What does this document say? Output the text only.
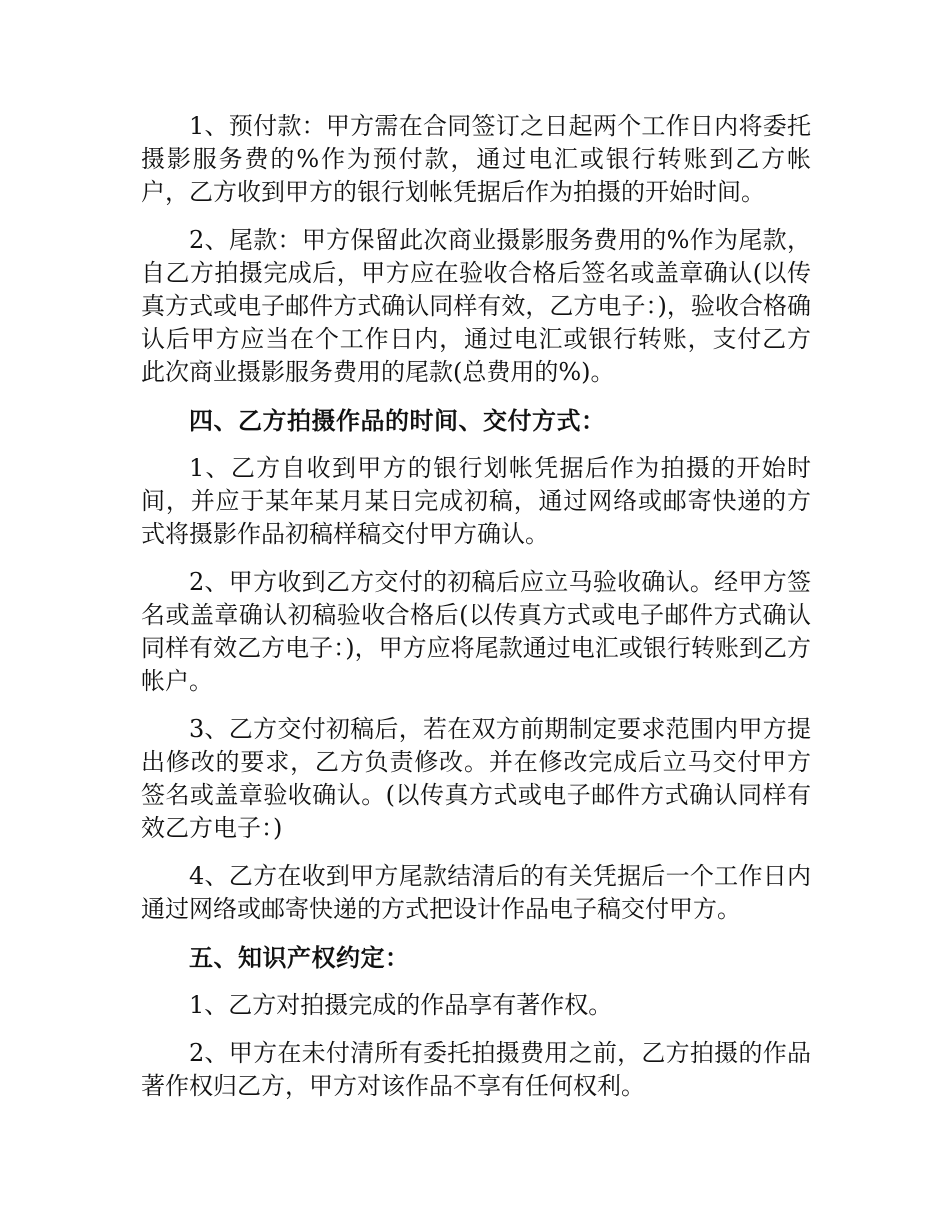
1、预付款：甲方需在合同签订之日起两个工作日内将委托摄影服务费的%作为预付款，通过电汇或银行转账到乙方帐户，乙方收到甲方的银行划帐凭据后作为拍摄的开始时间。

2、尾款：甲方保留此次商业摄影服务费用的%作为尾款，自乙方拍摄完成后，甲方应在验收合格后签名或盖章确认(以传真方式或电子邮件方式确认同样有效，乙方电子：)，验收合格确认后甲方应当在个工作日内，通过电汇或银行转账，支付乙方此次商业摄影服务费用的尾款(总费用的%)。

四、乙方拍摄作品的时间、交付方式：

1、乙方自收到甲方的银行划帐凭据后作为拍摄的开始时间，并应于某年某月某日完成初稿，通过网络或邮寄快递的方式将摄影作品初稿样稿交付甲方确认。

2、甲方收到乙方交付的初稿后应立马验收确认。经甲方签名或盖章确认初稿验收合格后(以传真方式或电子邮件方式确认同样有效乙方电子：)，甲方应将尾款通过电汇或银行转账到乙方帐户。

3、乙方交付初稿后，若在双方前期制定要求范围内甲方提出修改的要求，乙方负责修改。并在修改完成后立马交付甲方签名或盖章验收确认。(以传真方式或电子邮件方式确认同样有效乙方电子：)

4、乙方在收到甲方尾款结清后的有关凭据后一个工作日内通过网络或邮寄快递的方式把设计作品电子稿交付甲方。

五、知识产权约定：

1、乙方对拍摄完成的作品享有著作权。

2、甲方在未付清所有委托拍摄费用之前，乙方拍摄的作品著作权归乙方，甲方对该作品不享有任何权利。
